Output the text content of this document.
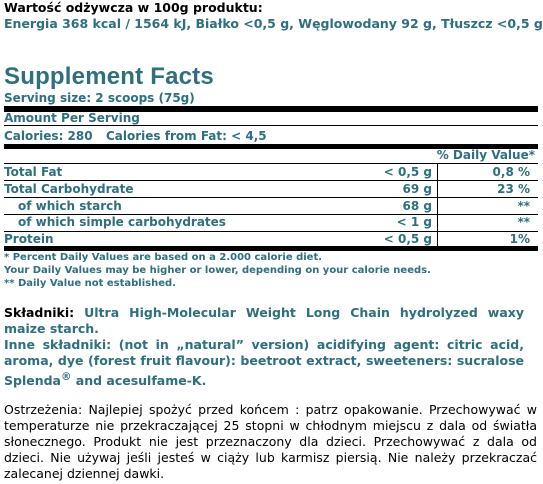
Wartość odżywcza w 100g produktu:
Energia 368 kcal / 1564 kJ, Białko <0,5 g, Węglowodany 92 g, Tłuszcz <0,5 g
Supplement Facts
Serving size: 2 scoops (75g)
Amount Per Serving
Calories: 280 Calories from Fat: < 4,5
% Daily Value*
Total Fat	< 0,5 g	0,8 %
Total Carbohydrate	69 g	23 %
of which starch	68 g	**
of which simple carbohydrates	< 1 g	**
Protein	< 0,5 g	1%
* Percent Daily Values are based on a 2.000 calorie diet.
Your Daily Values may be higher or lower, depending on your calorie needs.
** Daily Value not established.
Składniki: Ultra High-Molecular Weight Long Chain hydrolyzed waxy maize starch.
Inne składniki: (not in „natural” version) acidifying agent: citric acid, aroma, dye (forest fruit flavour): beetroot extract, sweeteners: sucralose Splenda® and acesulfame-K.
Ostrzeżenia: Najlepiej spożyć przed końcem : patrz opakowanie. Przechowywać w temperaturze nie przekraczającej 25 stopni w chłodnym miejscu z dala od światła słonecznego. Produkt nie jest przeznaczony dla dzieci. Przechowywać z dala od dzieci. Nie używaj jeśli jesteś w ciąży lub karmisz piersią. Nie należy przekraczać zalecanej dziennej dawki.
